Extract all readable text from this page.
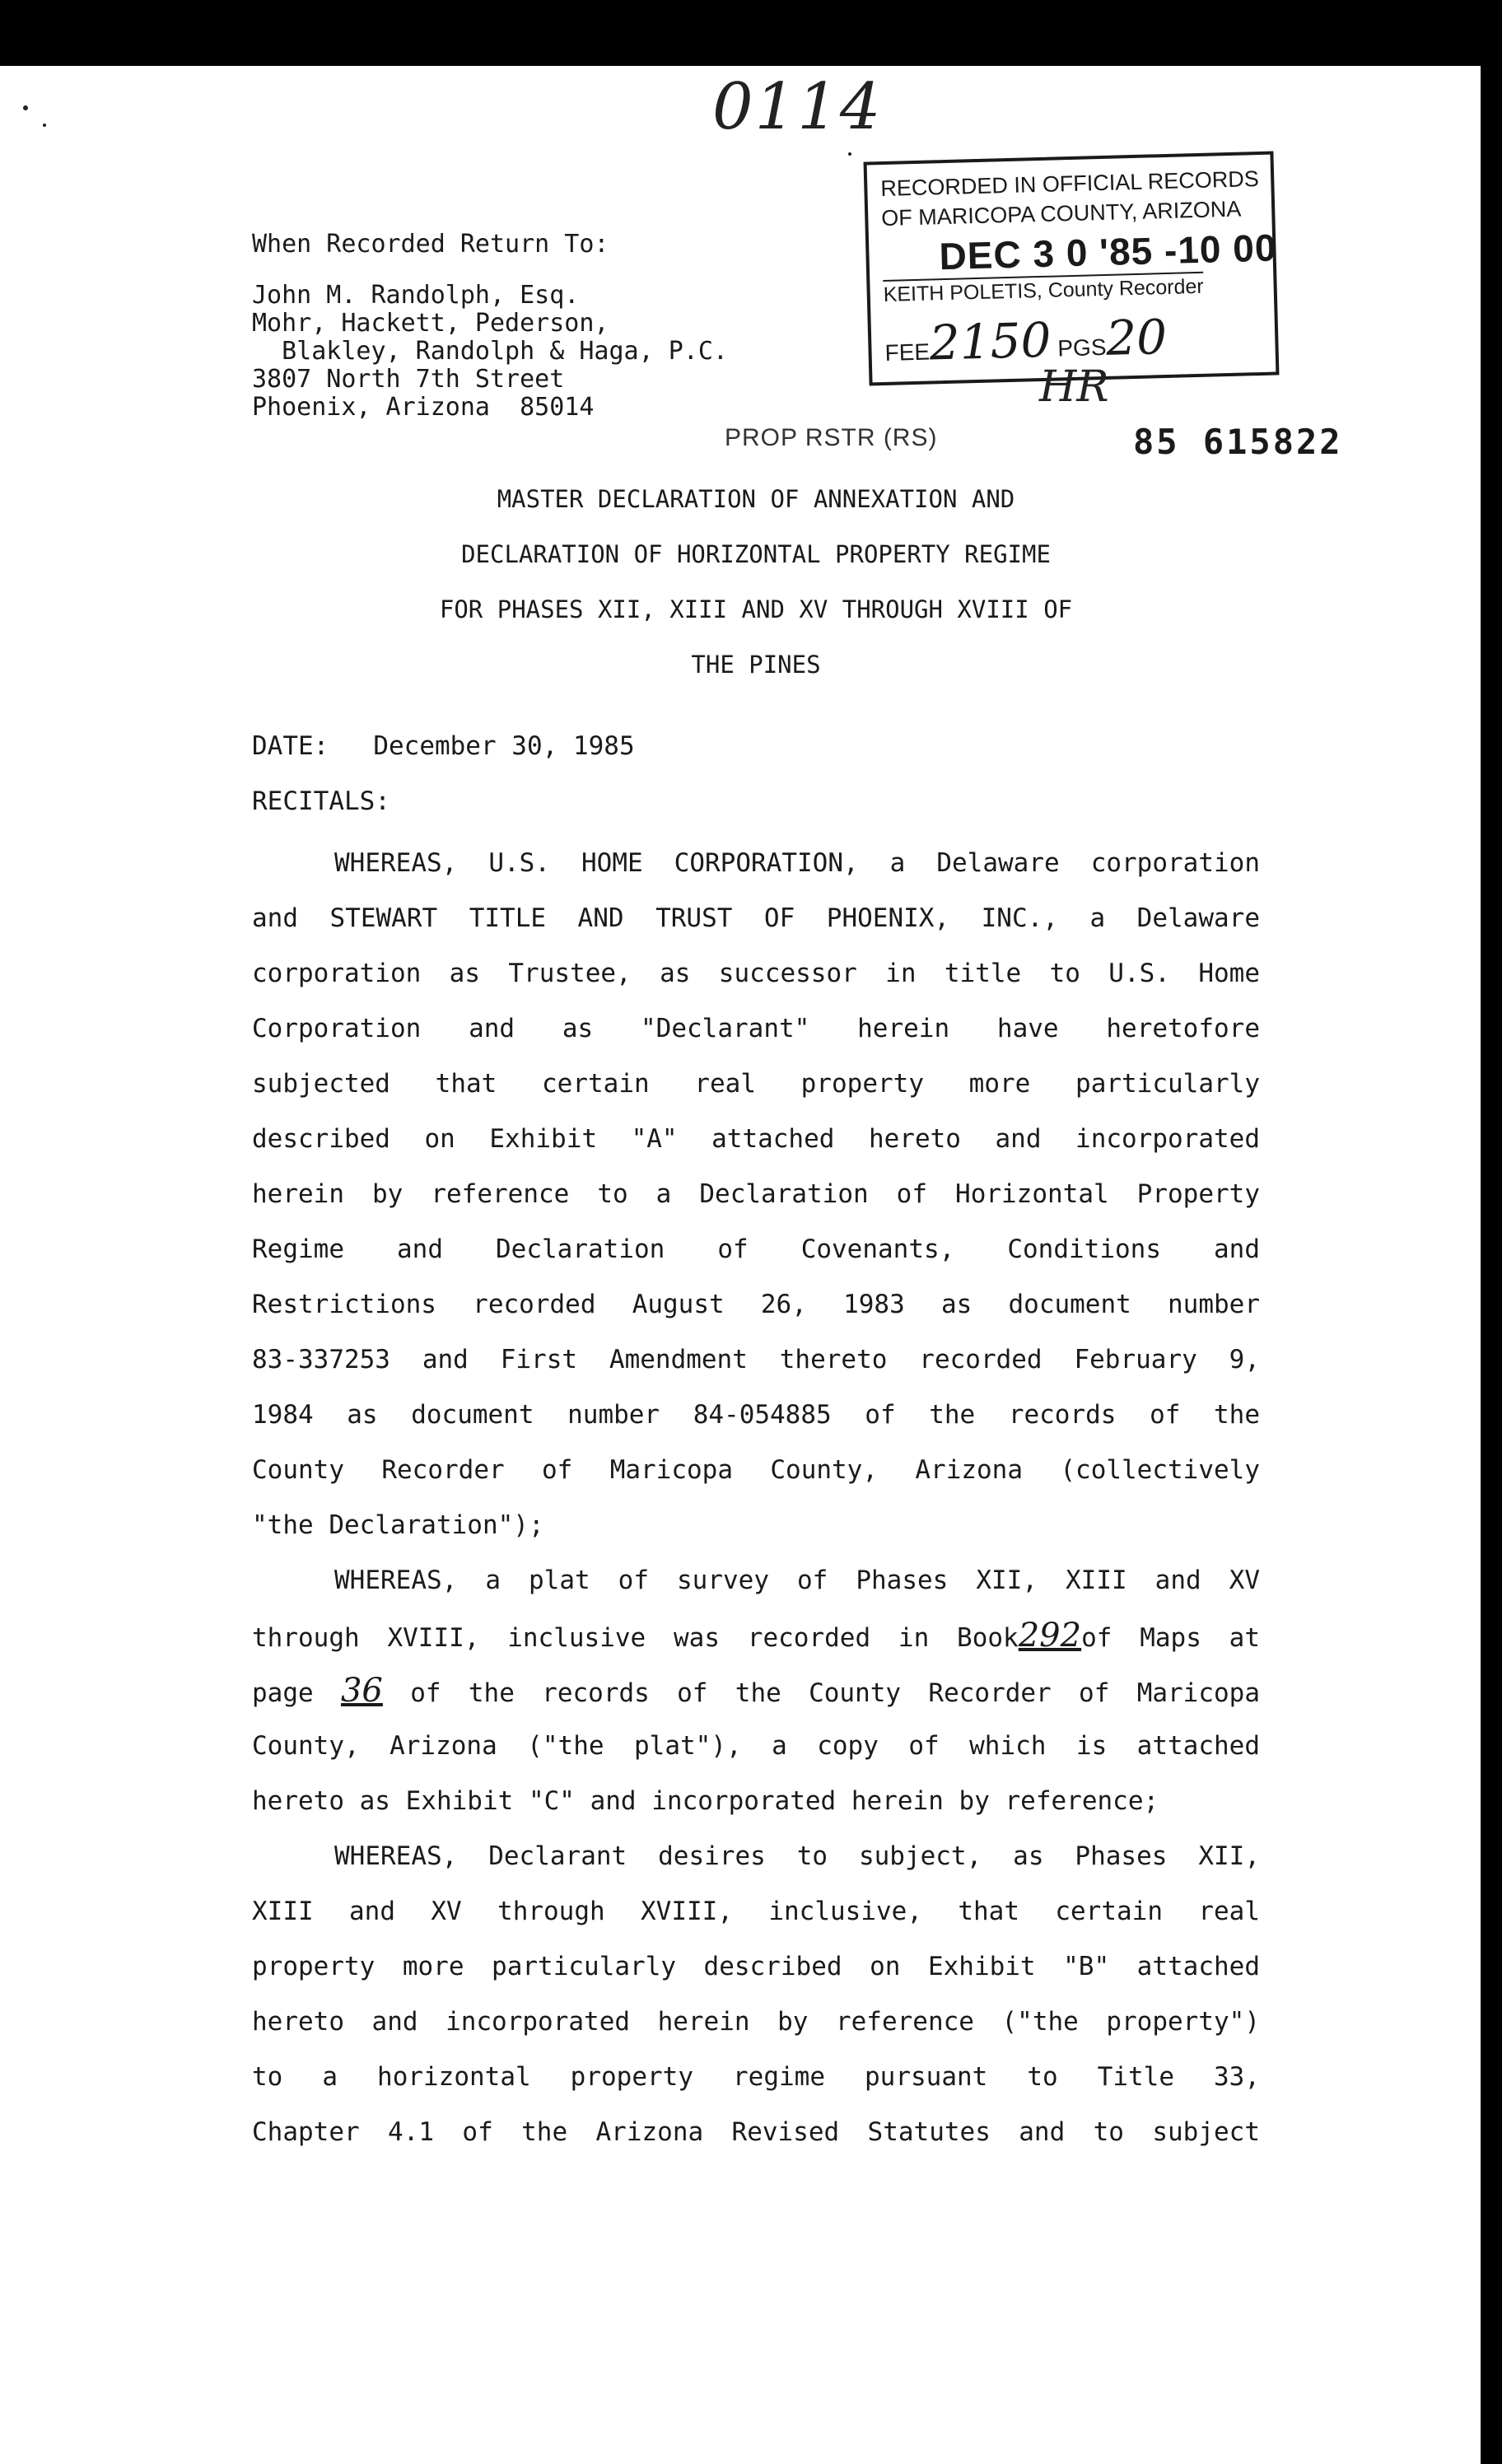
0114
When Recorded Return To:
John M. Randolph, Esq.
Mohr, Hackett, Pederson,
Blakley, Randolph & Haga, P.C.
3807 North 7th Street
Phoenix, Arizona  85014
RECORDED IN OFFICIAL RECORDS
OF MARICOPA COUNTY, ARIZONA
DEC 3 0 '85 -10 00
KEITH POLETIS, County Recorder
FEE2150 PGS20
HR
PROP RSTR (RS)	85 615822
MASTER DECLARATION OF ANNEXATION AND
DECLARATION OF HORIZONTAL PROPERTY REGIME
FOR PHASES XII, XIII AND XV THROUGH XVIII OF
THE PINES
DATE: December 30, 1985
RECITALS:
WHEREAS, U.S. HOME CORPORATION, a Delaware corporation
and STEWART TITLE AND TRUST OF PHOENIX, INC., a Delaware
corporation as Trustee, as successor in title to U.S. Home
Corporation and as "Declarant" herein have heretofore
subjected that certain real property more particularly
described on Exhibit "A" attached hereto and incorporated
herein by reference to a Declaration of Horizontal Property
Regime and Declaration of Covenants, Conditions and
Restrictions recorded August 26, 1983 as document number
83-337253 and First Amendment thereto recorded February 9,
1984 as document number 84-054885 of the records of the
County Recorder of Maricopa County, Arizona (collectively
"the Declaration");
WHEREAS, a plat of survey of Phases XII, XIII and XV
through XVIII, inclusive was recorded in Book292of Maps at
page 36 of the records of the County Recorder of Maricopa
County, Arizona ("the plat"), a copy of which is attached
hereto as Exhibit "C" and incorporated herein by reference;
WHEREAS, Declarant desires to subject, as Phases XII,
XIII and XV through XVIII, inclusive, that certain real
property more particularly described on Exhibit "B" attached
hereto and incorporated herein by reference ("the property")
to a horizontal property regime pursuant to Title 33,
Chapter 4.1 of the Arizona Revised Statutes and to subject
